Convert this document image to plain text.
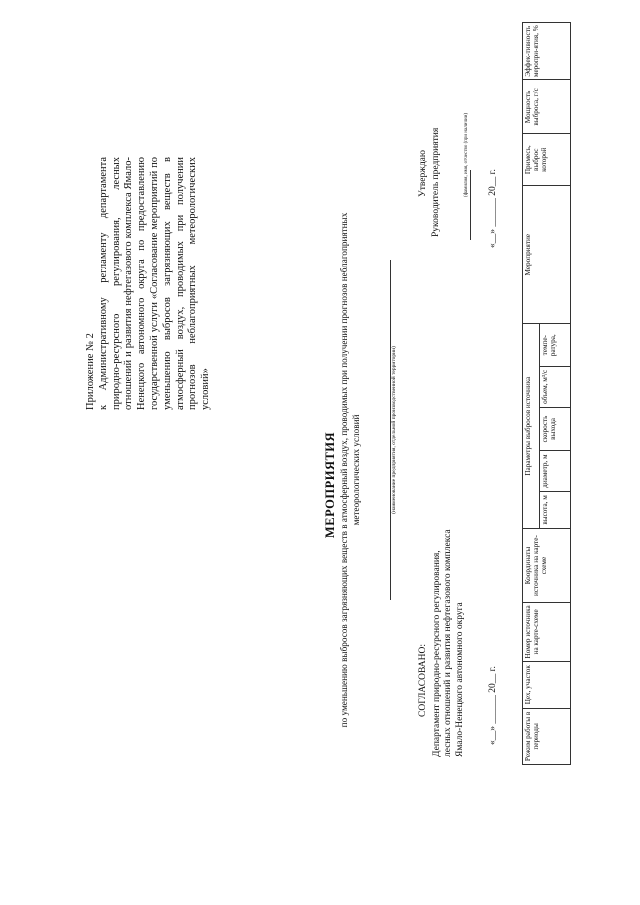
Приложение № 2 к Административному регламенту департамента природно-ресурсного регулирования, лесных отношений и развития нефтегазового комплекса Ямало-Ненецкого автономного округа по предоставлению государственной услуги «Согласование мероприятий по уменьшению выбросов загрязняющих веществ в атмосферный воздух, проводимых при получении прогнозов неблагоприятных метеорологических условий»

МЕРОПРИЯТИЯ по уменьшению выбросов загрязняющих веществ в атмосферный воздух, проводимых при получении прогнозов неблагоприятных метеорологических условий	(наименование предприятия, отдельной производственной территории)
Утверждаю Руководитель предприятия	(фамилия, имя, отчество (при наличии)
«__» ______ 20__ г.
СОГЛАСОВАНО: Департамент природно-ресурсного регулирования, лесных отношений и развития нефтегазового комплекса Ямало-Ненецкого автономного округа «__» ______ 20__ г.	Режим работы в периоды	Цех, участок	Номер источника на карте-схеме	Координаты источника на карте-схеме	Параметры выбросов источника					Мероприятие	Примесь, выброс которой	Мощность выброса, г/с	Эффек-тивность меропри-ятия, %
				высота, м	диаметр, м	скорость выхода	объем, м³/с	темпе-ратура,				
